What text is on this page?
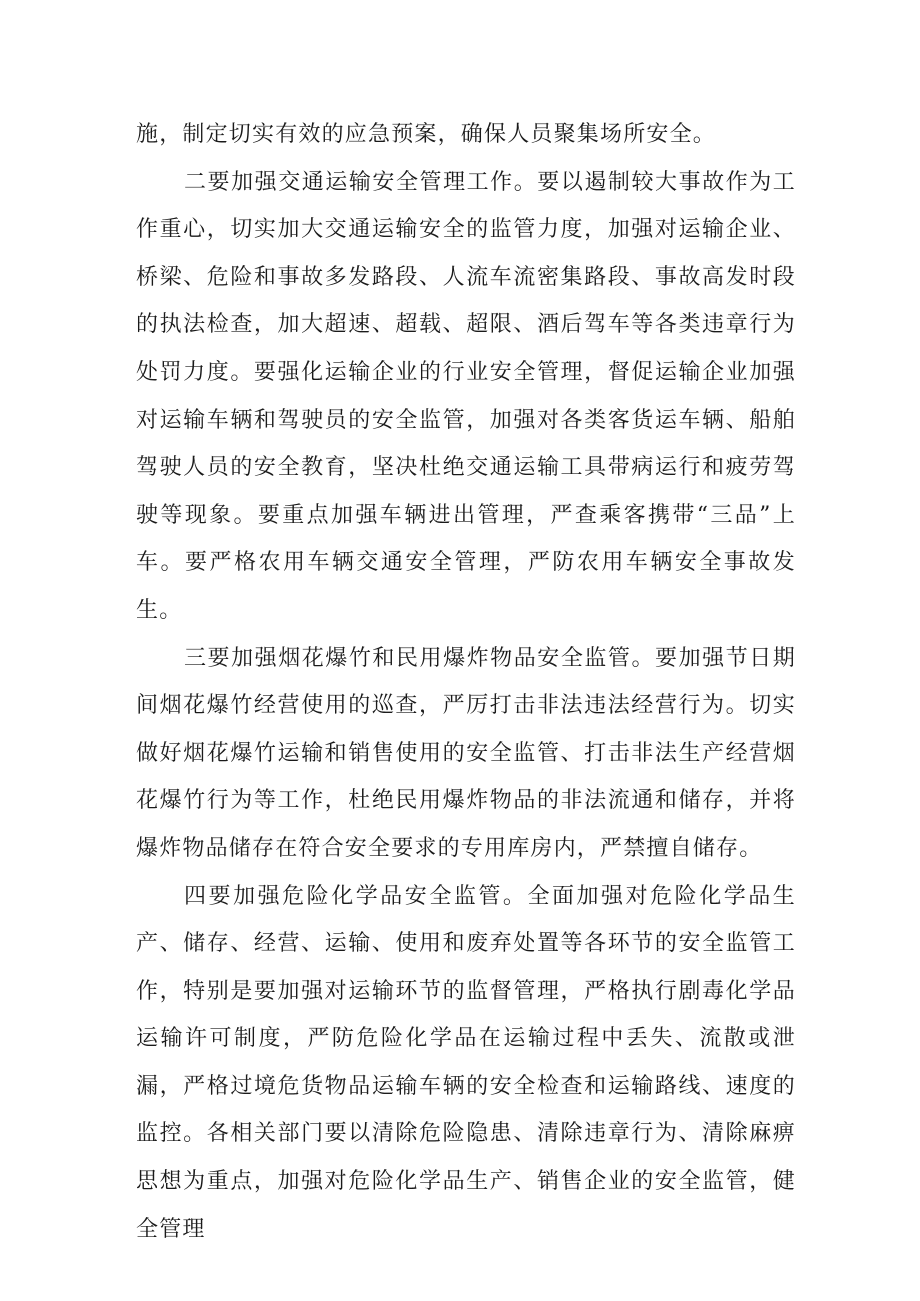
施，制定切实有效的应急预案，确保人员聚集场所安全。

二要加强交通运输安全管理工作。要以遏制较大事故作为工作重心，切实加大交通运输安全的监管力度，加强对运输企业、桥梁、危险和事故多发路段、人流车流密集路段、事故高发时段的执法检查，加大超速、超载、超限、酒后驾车等各类违章行为处罚力度。要强化运输企业的行业安全管理，督促运输企业加强对运输车辆和驾驶员的安全监管，加强对各类客货运车辆、船舶驾驶人员的安全教育，坚决杜绝交通运输工具带病运行和疲劳驾驶等现象。要重点加强车辆进出管理，严查乘客携带“三品”上车。要严格农用车辆交通安全管理，严防农用车辆安全事故发生。

三要加强烟花爆竹和民用爆炸物品安全监管。要加强节日期间烟花爆竹经营使用的巡查，严厉打击非法违法经营行为。切实做好烟花爆竹运输和销售使用的安全监管、打击非法生产经营烟花爆竹行为等工作，杜绝民用爆炸物品的非法流通和储存，并将爆炸物品储存在符合安全要求的专用库房内，严禁擅自储存。

四要加强危险化学品安全监管。全面加强对危险化学品生产、储存、经营、运输、使用和废弃处置等各环节的安全监管工作，特别是要加强对运输环节的监督管理，严格执行剧毒化学品运输许可制度，严防危险化学品在运输过程中丢失、流散或泄漏，严格过境危货物品运输车辆的安全检查和运输路线、速度的监控。各相关部门要以清除危险隐患、清除违章行为、清除麻痹思想为重点，加强对危险化学品生产、销售企业的安全监管，健全管理
